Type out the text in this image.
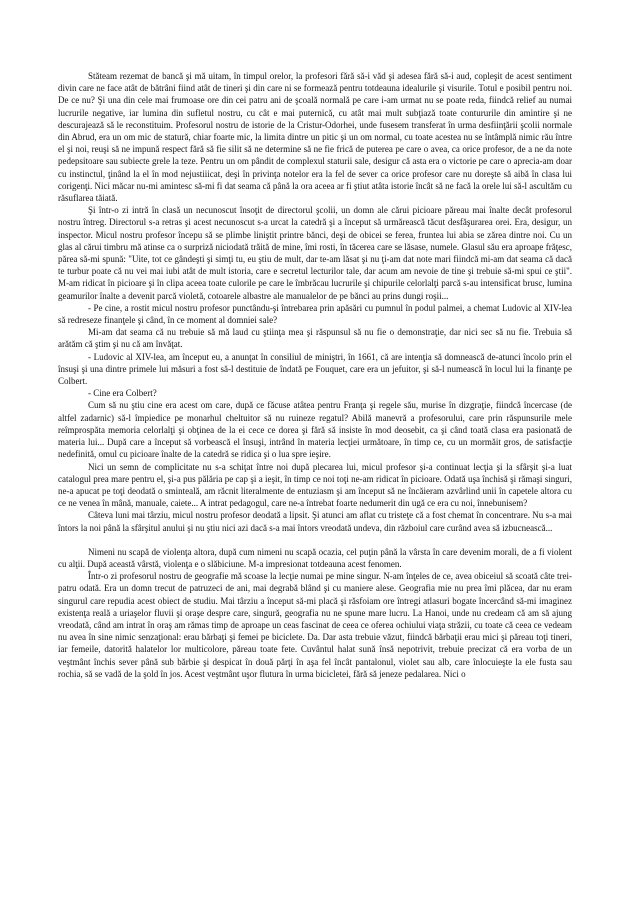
Stăteam rezemat de bancă şi mă uitam, în timpul orelor, la profesori fără să-i văd şi adesea fără să-i aud, copleşit de acest sentiment divin care ne face atât de bătrâni fiind atât de tineri şi din care ni se formează pentru totdeauna idealurile şi visurile. Totul e posibil pentru noi. De ce nu? Şi una din cele mai frumoase ore din cei patru ani de şcoală normală pe care i-am urmat nu se poate reda, fiindcă relief au numai lucrurile negative, iar lumina din sufletul nostru, cu cât e mai puternică, cu atât mai mult subţiază toate contururile din amintire şi ne descurajează să le reconstituim. Profesorul nostru de istorie de la Cristur-Odorhei, unde fusesem transferat în urma desfiinţării şcolii normale din Abrud, era un om mic de statură, chiar foarte mic, la limita dintre un pitic şi un om normal, cu toate acestea nu se întâmplă nimic rău între el şi noi, reuşi să ne impună respect fără să fie silit să ne determine să ne fie frică de puterea pe care o avea, ca orice profesor, de a ne da note pedepsitoare sau subiecte grele la teze. Pentru un om pândit de complexul staturii sale, desigur că asta era o victorie pe care o aprecia-am doar cu instinctul, ţinând la el în mod nejustiiicat, deşi în privinţa notelor era la fel de sever ca orice profesor care nu doreşte să aibă în clasa lui corigenţi. Nici măcar nu-mi amintesc să-mi fi dat seama că până la ora aceea ar fi ştiut atâta istorie încât să ne facă la orele lui să-l ascultăm cu răsuflarea tăiată.

Şi într-o zi intră în clasă un necunoscut însoţit de directorul şcolii, un domn ale cărui picioare păreau mai înalte decât profesorul nostru întreg. Directorul s-a retras şi acest necunoscut s-a urcat la catedră şi a început să urmărească tăcut desfăşurarea orei. Era, desigur, un inspector. Micul nostru profesor începu să se plimbe liniştit printre bănci, deşi de obicei se ferea, fruntea lui abia se zărea dintre noi. Cu un glas al cărui timbru mă atinse ca o surpriză niciodată trăită de mine, îmi rosti, în tăcerea care se lăsase, numele. Glasul său era aproape frăţesc, părea să-mi spună: "Uite, tot ce gândeşti şi simţi tu, eu ştiu de mult, dar te-am lăsat şi nu ţi-am dat note mari fiindcă mi-am dat seama că dacă te turbur poate că nu vei mai iubi atât de mult istoria, care e secretul lecturilor tale, dar acum am nevoie de tine şi trebuie să-mi spui ce ştii". M-am ridicat în picioare şi în clipa aceea toate culorile pe care le îmbrăcau lucrurile şi chipurile celorlalţi parcă s-au intensificat brusc, lumina geamurilor înalte a devenit parcă violetă, cotoarele albastre ale manualelor de pe bănci au prins dungi roşii...

- Pe cine, a rostit micul nostru profesor punctându-şi întrebarea prin apăsări cu pumnul în podul palmei, a chemat Ludovic al XIV-lea să redreseze finanţele şi când, în ce moment al domniei sale?

Mi-am dat seama că nu trebuie să mă laud cu ştiinţa mea şi răspunsul să nu fie o demonstraţie, dar nici sec să nu fie. Trebuia să arătăm că ştim şi nu că am învăţat.

- Ludovic al XIV-lea, am început eu, a anunţat în consiliul de miniştri, în 1661, că are intenţia să domnească de-atunci încolo prin el însuşi şi una dintre primele lui măsuri a fost să-l destituie de îndată pe Fouquet, care era un jefuitor, şi să-l numească în locul lui la finanţe pe Colbert.

- Cine era Colbert?

Cum să nu ştiu cine era acest om care, după ce făcuse atâtea pentru Franţa şi regele său, murise în dizgraţie, fiindcă încercase (de altfel zadarnic) să-l împiedice pe monarhul cheltuitor să nu ruineze regatul? Abilă manevră a profesorului, care prin răspunsurile mele reîmprospăta memoria celorlalţi şi obţinea de la ei cece ce dorea şi fără să insiste în mod deosebit, ca şi când toată clasa era pasionată de materia lui... După care a început să vorbească el însuşi, intrând în materia lecţiei următoare, în timp ce, cu un mormăit gros, de satisfacţie nedefinită, omul cu picioare înalte de la catedră se ridica şi o lua spre ieşire.

Nici un semn de complicitate nu s-a schiţat între noi după plecarea lui, micul profesor şi-a continuat lecţia şi la sfârşit şi-a luat catalogul prea mare pentru el, şi-a pus pălăria pe cap şi a ieşit, în timp ce noi toţi ne-am ridicat în picioare. Odată uşa închisă şi rămaşi singuri, ne-a apucat pe toţi deodată o sminteală, am răcnit literalmente de entuziasm şi am început să ne încăieram azvârlind unii în capetele altora cu ce ne venea în mână, manuale, caiete... A intrat pedagogul, care ne-a întrebat foarte nedumerit din ugă ce era cu noi, înnebunisem?

Câteva luni mai târziu, micul nostru profesor deodată a lipsit. Şi atunci am aflat cu tristeţe că a fost chemat în concentrare. Nu s-a mai întors la noi până la sfârşitul anului şi nu ştiu nici azi dacă s-a mai întors vreodată undeva, din războiul care curând avea să izbucnească...

Nimeni nu scapă de violenţa altora, după cum nimeni nu scapă ocazia, cel puţin până la vârsta în care devenim morali, de a fi violent cu alţii. După această vârstă, violenţa e o slăbiciune. M-a impresionat totdeauna acest fenomen.

Într-o zi profesorul nostru de geografie mă scoase la lecţie numai pe mine singur. N-am înţeles de ce, avea obiceiul să scoată câte trei-patru odată. Era un domn trecut de patruzeci de ani, mai degrabă blând şi cu maniere alese. Geografia mie nu prea îmi plăcea, dar nu eram singurul care repudia acest obiect de studiu. Mai târziu a început să-mi placă şi răsfoiam ore întregi atlasuri bogate încercând să-mi imaginez existenţa reală a uriaşelor fluvii şi oraşe despre care, singură, geografia nu ne spune mare lucru. La Hanoi, unde nu credeam că am să ajung vreodată, când am intrat în oraş am rămas timp de aproape un ceas fascinat de ceea ce oferea ochiului viaţa străzii, cu toate că ceea ce vedeam nu avea în sine nimic senzaţional: erau bărbaţi şi femei pe biciclete. Da. Dar asta trebuie văzut, fiindcă bărbaţii erau mici şi păreau toţi tineri, iar femeile, datorită halatelor lor multicolore, păreau toate fete. Cuvântul halat sună însă nepotrivit, trebuie precizat că era vorba de un veştmânt închis sever până sub bărbie şi despicat în două părţi în aşa fel încât pantalonul, violet sau alb, care înlocuieşte la ele fusta sau rochia, să se vadă de la şold în jos. Acest veştmânt uşor flutura în urma bicicletei, fără să jeneze pedalarea. Nici o
